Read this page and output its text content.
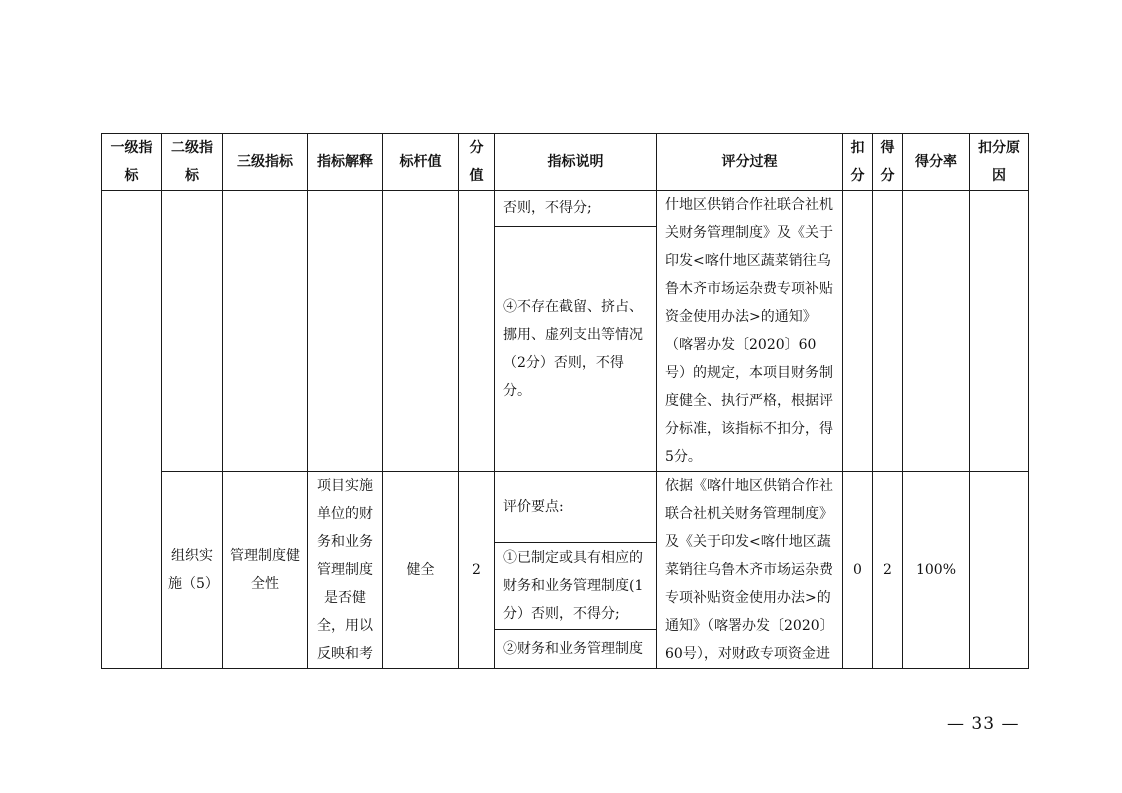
一级指标	二级指标	三级指标	指标解释	标杆值	分值	指标说明	评分过程	扣分	得分	得分率	扣分原因
						否则，不得分;	什地区供销合作社联合社机关财务管理制度》及《关于印发<喀什地区蔬菜销往乌鲁木齐市场运杂费专项补贴资金使用办法>的通知》（喀署办发〔2020〕60号）的规定，本项目财务制度健全、执行严格，根据评分标准，该指标不扣分，得5分。				
						④不存在截留、挤占、挪用、虚列支出等情况（2分）否则，不得分。					
	组织实施（5）	管理制度健全性	项目实施单位的财务和业务管理制度是否健全，用以反映和考	健全	2	评价要点:	依据《喀什地区供销合作社联合社机关财务管理制度》及《关于印发<喀什地区蔬菜销往乌鲁木齐市场运杂费专项补贴资金使用办法>的通知》（喀署办发〔2020〕60号），对财政专项资金进	0	2	100%	
						①已制定或具有相应的财务和业务管理制度(1分）否则，不得分;					
						②财务和业务管理制度					
— 33 —
